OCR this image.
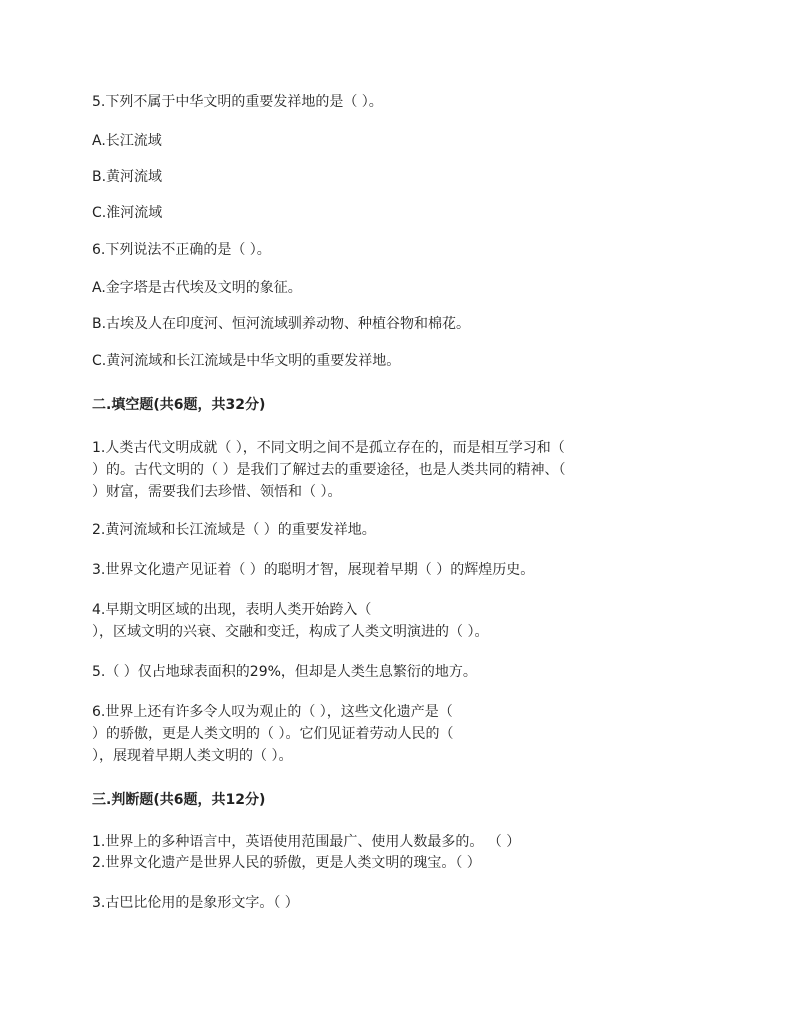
5.下列不属于中华文明的重要发祥地的是（ ）。
A.长江流域
B.黄河流域
C.淮河流域
6.下列说法不正确的是（ ）。
A.金字塔是古代埃及文明的象征。
B.古埃及人在印度河、恒河流域驯养动物、种植谷物和棉花。
C.黄河流域和长江流域是中华文明的重要发祥地。
二.填空题(共6题，共32分)
1.人类古代文明成就（ ），不同文明之间不是孤立存在的，而是相互学习和（
）的。古代文明的（ ）是我们了解过去的重要途径，也是人类共同的精神、（
）财富，需要我们去珍惜、领悟和（ ）。
2.黄河流域和长江流域是（ ）的重要发祥地。
3.世界文化遗产见证着（ ）的聪明才智，展现着早期（ ）的辉煌历史。
4.早期文明区域的出现，表明人类开始跨入（
），区域文明的兴衰、交融和变迁，构成了人类文明演进的（ ）。
5.（ ）仅占地球表面积的29%，但却是人类生息繁衍的地方。
6.世界上还有许多令人叹为观止的（ ），这些文化遗产是（
）的骄傲，更是人类文明的（ ）。它们见证着劳动人民的（
），展现着早期人类文明的（ ）。
三.判断题(共6题，共12分)
1.世界上的多种语言中，英语使用范围最广、使用人数最多的。 （ ）
2.世界文化遗产是世界人民的骄傲，更是人类文明的瑰宝。（ ）
3.古巴比伦用的是象形文字。（ ）
